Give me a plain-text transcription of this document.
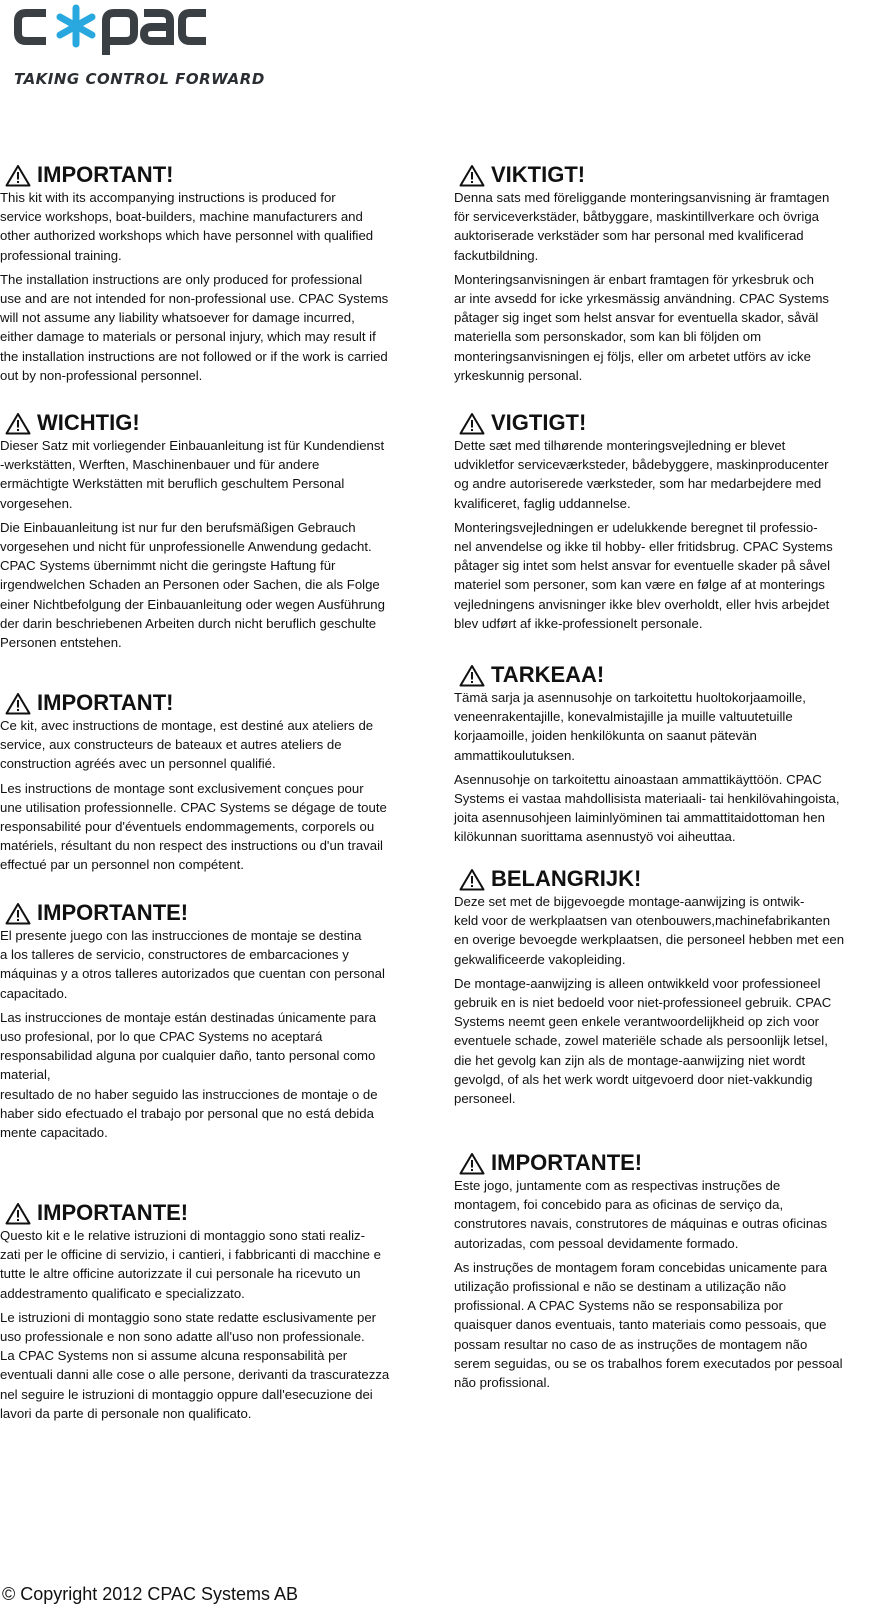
TAKING CONTROL FORWARD
IMPORTANT!

This kit with its accompanying instructions is produced for
service workshops, boat-builders, machine manufacturers and
other authorized workshops which have personnel with qualified
professional training.

The installation instructions are only produced for professional
use and are not intended for non-professional use. CPAC Systems
will not assume any liability whatsoever for damage incurred,
either damage to materials or personal injury, which may result if
the installation instructions are not followed or if the work is carried
out by non-professional personnel.

WICHTIG!

Dieser Satz mit vorliegender Einbauanleitung ist für Kundendienst
-werkstätten, Werften, Maschinenbauer und für andere
ermächtigte Werkstätten mit beruflich geschultem Personal
vorgesehen.

Die Einbauanleitung ist nur fur den berufsmäßigen Gebrauch
vorgesehen und nicht für unprofessionelle Anwendung gedacht.
CPAC Systems übernimmt nicht die geringste Haftung für
irgendwelchen Schaden an Personen oder Sachen, die als Folge
einer Nichtbefolgung der Einbauanleitung oder wegen Ausführung
der darin beschriebenen Arbeiten durch nicht beruflich geschulte
Personen entstehen.

IMPORTANT!

Ce kit, avec instructions de montage, est destiné aux ateliers de
service, aux constructeurs de bateaux et autres ateliers de
construction agréés avec un personnel qualifié.

Les instructions de montage sont exclusivement conçues pour
une utilisation professionnelle. CPAC Systems se dégage de toute
responsabilité pour d'éventuels endommagements, corporels ou
matériels, résultant du non respect des instructions ou d'un travail
effectué par un personnel non compétent.

IMPORTANTE!

El presente juego con las instrucciones de montaje se destina
a los talleres de servicio, constructores de embarcaciones y
máquinas y a otros talleres autorizados que cuentan con personal
capacitado.

Las instrucciones de montaje están destinadas únicamente para
uso profesional, por lo que CPAC Systems no aceptará
responsabilidad alguna por cualquier daño, tanto personal como
material,
resultado de no haber seguido las instrucciones de montaje o de
haber sido efectuado el trabajo por personal que no está debida
mente capacitado.

IMPORTANTE!

Questo kit e le relative istruzioni di montaggio sono stati realiz-
zati per le officine di servizio, i cantieri, i fabbricanti di macchine e
tutte le altre officine autorizzate il cui personale ha ricevuto un
addestramento qualificato e specializzato.

Le istruzioni di montaggio sono state redatte esclusivamente per
uso professionale e non sono adatte all'uso non professionale.
La CPAC Systems non si assume alcuna responsabilità per
eventuali danni alle cose o alle persone, derivanti da trascuratezza
nel seguire le istruzioni di montaggio oppure dall'esecuzione dei
lavori da parte di personale non qualificato.

VIKTIGT!

Denna sats med föreliggande monteringsanvisning är framtagen
för serviceverkstäder, båtbyggare, maskintillverkare och övriga
auktoriserade verkstäder som har personal med kvalificerad
fackutbildning.

Monteringsanvisningen är enbart framtagen för yrkesbruk och
ar inte avsedd for icke yrkesmässig användning. CPAC Systems
påtager sig inget som helst ansvar for eventuella skador, såväl
materiella som personskador, som kan bli följden om
monteringsanvisningen ej följs, eller om arbetet utförs av icke
yrkeskunnig personal.

VIGTIGT!

Dette sæt med tilhørende monteringsvejledning er blevet
udvikletfor serviceværksteder, bådebyggere, maskinproducenter
og andre autoriserede værksteder, som har medarbejdere med
kvalificeret, faglig uddannelse.

Monteringsvejledningen er udelukkende beregnet til professio-
nel anvendelse og ikke til hobby- eller fritidsbrug. CPAC Systems
påtager sig intet som helst ansvar for eventuelle skader på såvel
materiel som personer, som kan være en følge af at monterings
vejledningens anvisninger ikke blev overholdt, eller hvis arbejdet
blev udført af ikke-professionelt personale.

TARKEAA!

Tämä sarja ja asennusohje on tarkoitettu huoltokorjaamoille,
veneenrakentajille, konevalmistajille ja muille valtuutetuille
korjaamoille, joiden henkilökunta on saanut pätevän
ammattikoulutuksen.

Asennusohje on tarkoitettu ainoastaan ammattikäyttöön. CPAC
Systems ei vastaa mahdollisista materiaali- tai henkilövahingoista,
joita asennusohjeen laiminlyöminen tai ammattitaidottoman hen
kilökunnan suorittama asennustyö voi aiheuttaa.

BELANGRIJK!

Deze set met de bijgevoegde montage-aanwijzing is ontwik-
keld voor de werkplaatsen van otenbouwers,machinefabrikanten
en overige bevoegde werkplaatsen, die personeel hebben met een
gekwalificeerde vakopleiding.

De montage-aanwijzing is alleen ontwikkeld voor professioneel
gebruik en is niet bedoeld voor niet-professioneel gebruik. CPAC
Systems neemt geen enkele verantwoordelijkheid op zich voor
eventuele schade, zowel materiële schade als persoonlijk letsel,
die het gevolg kan zijn als de montage-aanwijzing niet wordt
gevolgd, of als het werk wordt uitgevoerd door niet-vakkundig
personeel.

IMPORTANTE!

Este jogo, juntamente com as respectivas instruções de
montagem, foi concebido para as oficinas de serviço da,
construtores navais, construtores de máquinas e outras oficinas
autorizadas, com pessoal devidamente formado.

As instruções de montagem foram concebidas unicamente para
utilização profissional e não se destinam a utilização não
profissional. A CPAC Systems não se responsabiliza por
quaisquer danos eventuais, tanto materiais como pessoais, que
possam resultar no caso de as instruções de montagem não
serem seguidas, ou se os trabalhos forem executados por pessoal
não profissional.

© Copyright 2012 CPAC Systems AB
